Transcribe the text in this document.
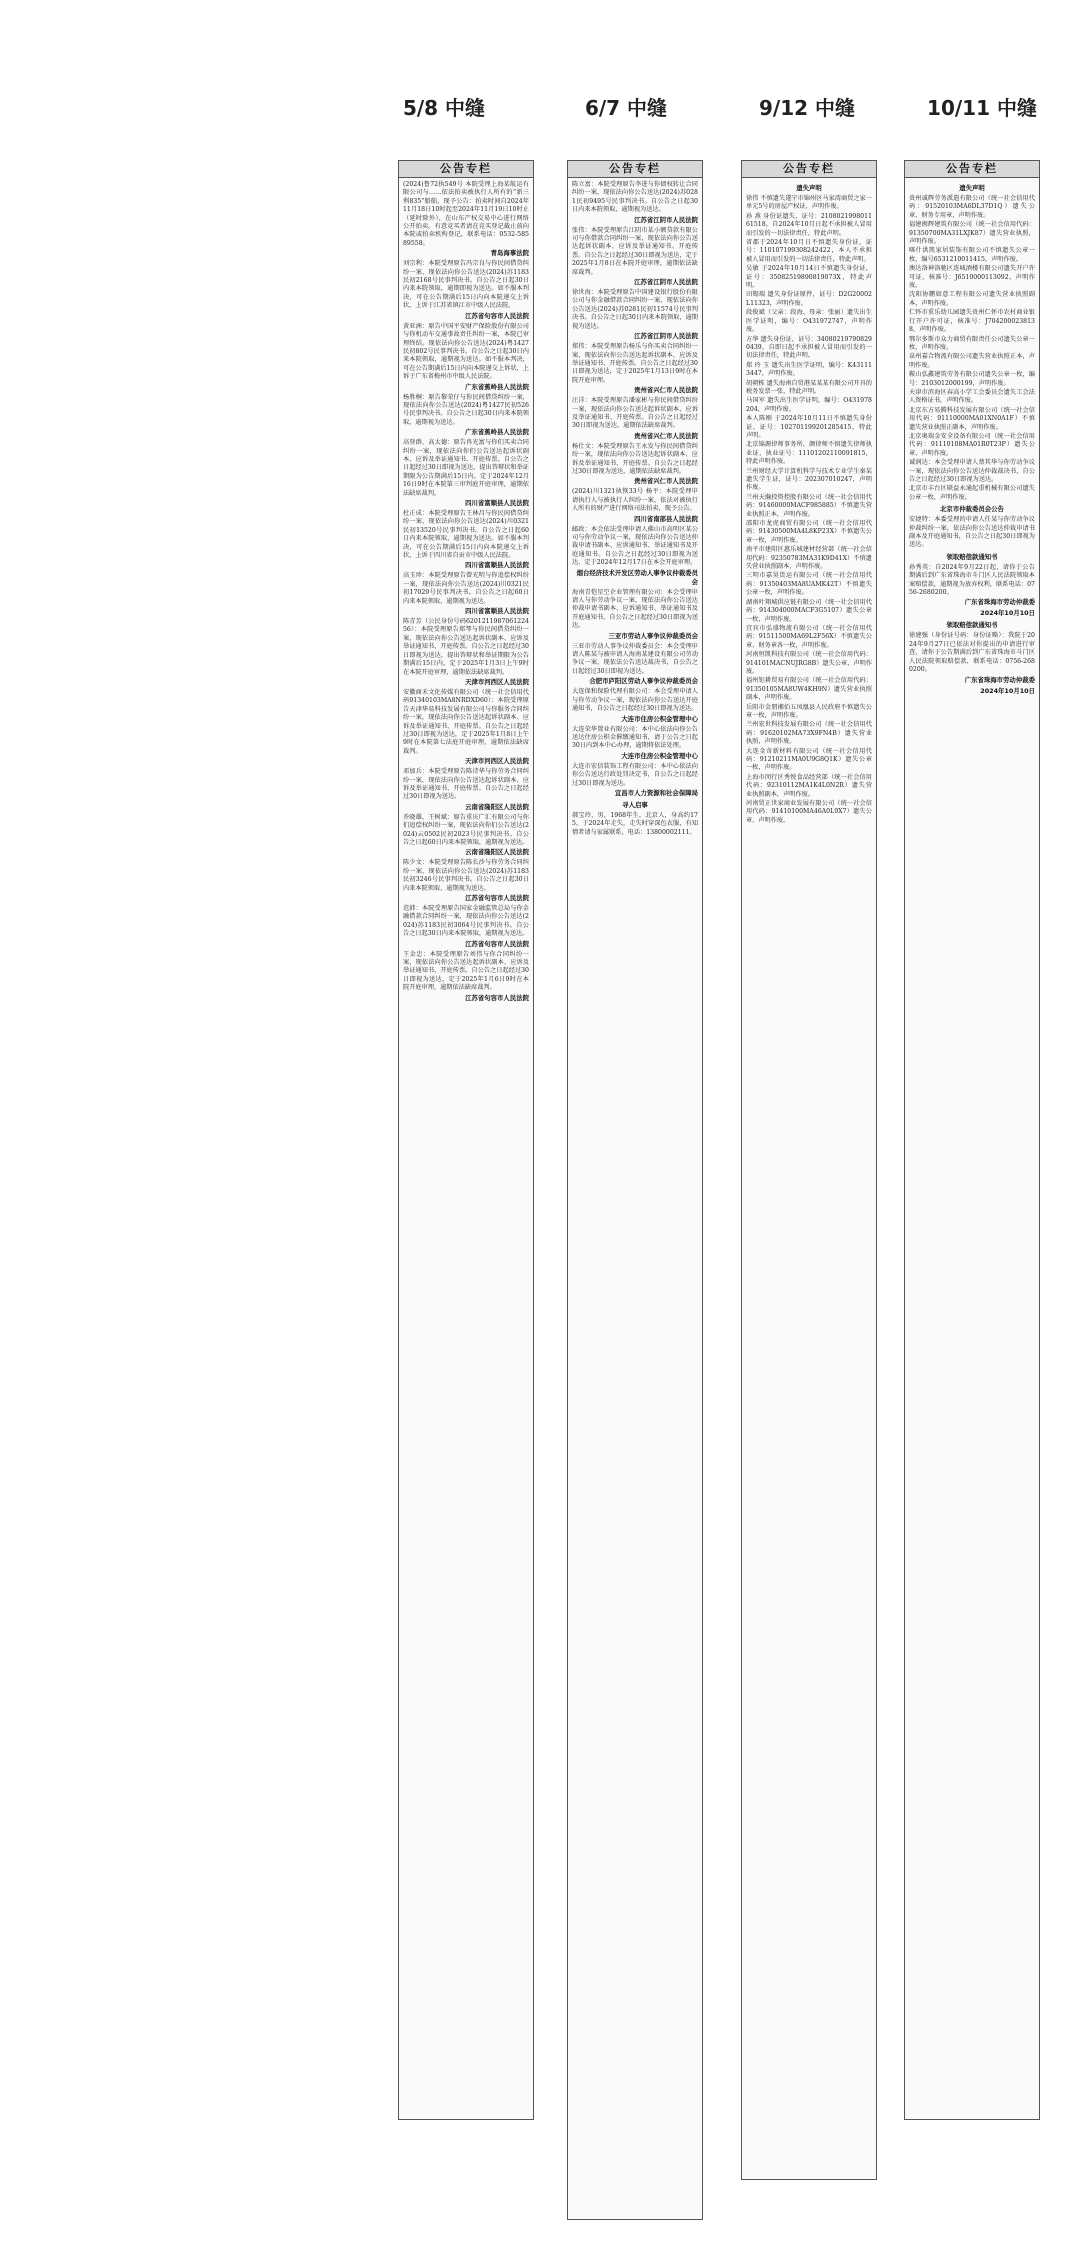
5/8 中缝	6/7 中缝	9/12 中缝	10/11 中缝
公告专栏
(2024)鲁72执549号 本院受理上海某航运有限公司与……依法拍卖被执行人所有的“新三利835”船舶，现予公告：拍卖时间自2024年11月18日10时起至2024年11月19日10时止（延时除外），在山东产权交易中心进行网络公开拍卖。有意竞买者请在竞买登记截止前向本院或拍卖机构登记，联系电话：0532-58589558。
青岛海事法院
刘宗利：本院受理原告冯宗良与你民间借贷纠纷一案，现依法向你公告送达(2024)苏1183民初2168号民事判决书。自公告之日起30日内来本院领取，逾期即视为送达。如不服本判决，可在公告期满后15日内向本院递交上诉状，上诉于江苏省镇江市中级人民法院。
江苏省句容市人民法院
黄亚洲：原告中国平安财产保险股份有限公司与你机动车交通事故责任纠纷一案，本院已审理终结。现依法向你公告送达(2024)粤1427民初802号民事判决书。自公告之日起30日内来本院领取，逾期视为送达。如不服本判决，可在公告期满后15日内向本院递交上诉状，上诉于广东省梅州市中级人民法院。
广东省蕉岭县人民法院
杨胜桐：原告黎荣仔与你民间借贷纠纷一案，现依法向你公告送达(2024)粤1427民初526号民事判决书。自公告之日起30日内来本院领取，逾期视为送达。
广东省蕉岭县人民法院
高登群、高太德：原告冉光富与你们买卖合同纠纷一案，现依法向你们公告送达起诉状副本、应诉及举证通知书、开庭传票。自公告之日起经过30日即视为送达，提出答辩状和举证期限为公告期满后15日内，定于2024年12月16日9时在本院第三审判庭开庭审理，逾期依法缺席裁判。
四川省富顺县人民法院
杜正成：本院受理原告王林昌与你民间借贷纠纷一案，现依法向你公告送达(2024)川0321民初13520号民事判决书。自公告之日起60日内来本院领取，逾期视为送达。如不服本判决，可在公告期满后15日内向本院递交上诉状，上诉于四川省自贡市中级人民法院。
四川省富顺县人民法院
高玉珍：本院受理原告曾光明与你追偿权纠纷一案，现依法向你公告送达(2024)川0321民初17029号民事判决书。自公告之日起60日内来本院领取，逾期视为送达。
四川省富顺县人民法院
陈青芳（公民身份号码620121198706122456）：本院受理原告郑琴与你民间借贷纠纷一案，现依法向你公告送达起诉状副本、应诉及举证通知书、开庭传票。自公告之日起经过30日即视为送达，提出答辩状和举证期限为公告期满后15日内，定于2025年1月3日上午9时在本院开庭审理，逾期依法缺席裁判。
天津市河西区人民法院
安徽商禾文化传媒有限公司（统一社会信用代码91340103MA8NRDXD60）：本院受理原告天津华易科技发展有限公司与你服务合同纠纷一案，现依法向你公告送达起诉状副本、应诉及举证通知书、开庭传票。自公告之日起经过30日即视为送达，定于2025年1月8日上午9时在本院第七法庭开庭审理，逾期依法缺席裁判。
天津市河西区人民法院
邓加兵：本院受理原告陈诗华与你劳务合同纠纷一案，现依法向你公告送达起诉状副本、应诉及举证通知书、开庭传票。自公告之日起经过30日即视为送达。
云南省隆阳区人民法院
乔晓雄、王树斌：原告重庆广汇有限公司与你们追偿权纠纷一案，现依法向你们公告送达(2024)云0502民初2023号民事判决书。自公告之日起60日内来本院领取，逾期视为送达。
云南省隆阳区人民法院
陈少文：本院受理原告陈长沙与你劳务合同纠纷一案，现依法向你公告送达(2024)苏1183民初3246号民事判决书。自公告之日起30日内来本院领取，逾期视为送达。
江苏省句容市人民法院
范韩：本院受理原告国家金融监管总局与你金融借款合同纠纷一案，现依法向你公告送达(2024)苏1183民初3064号民事判决书。自公告之日起30日内来本院领取，逾期视为送达。
江苏省句容市人民法院
王金忠：本院受理原告刘伟与你合同纠纷一案，现依法向你公告送达起诉状副本、应诉及举证通知书、开庭传票。自公告之日起经过30日即视为送达，定于2025年1月6日9时在本院开庭审理，逾期依法缺席裁判。
江苏省句容市人民法院
公告专栏
陈立富：本院受理原告李进与你债权转让合同纠纷一案，现依法向你公告送达(2024)苏0281民初9495号民事判决书。自公告之日起30日内来本院领取，逾期视为送达。
江苏省江阴市人民法院
张伟：本院受理原告江阴市某小额贷款有限公司与你借款合同纠纷一案，现依法向你公告送达起诉状副本、应诉及举证通知书、开庭传票。自公告之日起经过30日即视为送达，定于2025年1月8日在本院开庭审理，逾期依法缺席裁判。
江苏省江阴市人民法院
徐世海：本院受理原告中国建设银行股份有限公司与你金融借款合同纠纷一案，现依法向你公告送达(2024)苏0281民初11574号民事判决书。自公告之日起30日内来本院领取，逾期视为送达。
江苏省江阴市人民法院
郑伟：本院受理原告杨乐与你买卖合同纠纷一案，现依法向你公告送达起诉状副本、应诉及举证通知书、开庭传票。自公告之日起经过30日即视为送达，定于2025年1月13日9时在本院开庭审理。
贵州省兴仁市人民法院
汪洋：本院受理原告潘家彬与你民间借贷纠纷一案，现依法向你公告送达起诉状副本、应诉及举证通知书、开庭传票。自公告之日起经过30日即视为送达，逾期依法缺席裁判。
贵州省兴仁市人民法院
杨仕文：本院受理原告王永发与你民间借贷纠纷一案，现依法向你公告送达起诉状副本、应诉及举证通知书、开庭传票。自公告之日起经过30日即视为送达，逾期依法缺席裁判。
贵州省兴仁市人民法院
(2024)川1321执恢33号 杨平：本院受理申请执行人与被执行人纠纷一案，依法对被执行人所有的财产进行网络司法拍卖，现予公告。
四川省南部县人民法院
邮政：本会依法受理申请人佛山市高明区某公司与你劳动争议一案，现依法向你公告送达仲裁申请书副本、应诉通知书、举证通知书及开庭通知书。自公告之日起经过30日即视为送达，定于2024年12月17日在本会开庭审理。
烟台经济技术开发区劳动人事争议仲裁委员会
海南青恺星空企业管理有限公司：本会受理申请人与你劳动争议一案，现依法向你公告送达仲裁申请书副本、应诉通知书、举证通知书及开庭通知书，自公告之日起经过30日即视为送达。
三亚市劳动人事争议仲裁委员会
三亚市劳动人事争议仲裁委员会：本会受理申请人陈某与被申请人海南某建设有限公司劳动争议一案，现依法公告送达裁决书，自公告之日起经过30日即视为送达。
合肥市庐阳区劳动人事争议仲裁委员会
大连保和保险代理有限公司：本会受理申请人与你劳动争议一案，现依法向你公告送达开庭通知书，自公告之日起经过30日即视为送达。
大连市住房公积金管理中心
大连荣华置业有限公司：本中心依法向你公告送达住房公积金催缴通知书，请于公告之日起30日内到本中心办理，逾期将依法处理。
大连市住房公积金管理中心
大连市宏信装饰工程有限公司：本中心依法向你公告送达行政处罚决定书，自公告之日起经过30日即视为送达。
宜昌市人力资源和社会保障局
寻人启事
郝宝玲，男，1968年生，北京人，身高约175，于2024年走失，走失时穿深色衣服，有知情者请与家属联系，电话：13800002111。
公告专栏
遗失声明
徐伟 不慎遗失遂宁市锦州区马家湾商贸之家一单元5号的房屋产权证，声明作废。
孙 燕 身份证遗失，证号：210802199801161518，自2024年10月日起不承担被人冒用而引发的一切法律责任，特此声明。
省郡于2024年10月日不慎遗失身份证，证号：110107199308242422，本人不承担被人冒用而引发的一切法律责任，特此声明。
吴敏 于2024年10月14日不慎遗失身份证，证号：35082519890819073X，特此声明。
田锡瑞 遗失身份证原件，证号：D2G20002L11323，声明作废。
段俊斌（父亲：段海、母亲：张丽）遗失出生医学证明，编号：O431972747，声明作废。
方华 遗失身份证，证号：340802197908290439，自即日起不承担被人冒用而引发的一切法律责任，特此声明。
郑 玲 玉 遗失出生医学证明，编号：K431113447，声明作废。
胡朝栋 遗失海南自贸港某某某有限公司开具的税务发票一张，特此声明。
马国军 遗失出生医学证明，编号：O431978204，声明作废。
本人陈刚 于2024年10月11日不慎遗失身份证，证号：102701199201285415，特此声明。
北京锦源律师事务所、颜律师不慎遗失律师执业证，执业证号：11101202110091815，特此声明作废。
兰州财经大学计算机科学与技术专业学生秦某遗失学生证，证号：202307010247，声明作废。
兰州天瀚投资控股有限公司（统一社会信用代码：91460000MACF985885）不慎遗失营业执照正本，声明作废。
邵阳市龙虎商贸有限公司（统一社会信用代码：91430500MA4L8KP23X）不慎遗失公章一枚，声明作废。
南平市建阳区惠乐城建材经营部（统一社会信用代码：92350783MA31K9D41X）不慎遗失营业执照副本，声明作废。
三明市嘉昊货运有限公司（统一社会信用代码：91350403MA8UAMK42T）不慎遗失公章一枚，声明作废。
湖南叶翔城供应链有限公司（统一社会信用代码：914304000MACF3G5107）遗失公章一枚，声明作废。
宜宾市弘盛物流有限公司（统一社会信用代码：91511500MA69L2F56X）不慎遗失公章、财务章各一枚，声明作废。
河南恒凯科技有限公司（统一社会信用代码：914101MACNUJRG8B）遗失公章，声明作废。
福州钜耕贸易有限公司（统一社会信用代码：91350105MA8UW4KH9N）遗失营业执照副本，声明作废。
岳阳市金朋湘佰五凤凰县人民政府不慎遗失公章一枚，声明作废。
兰州宏世科技发展有限公司（统一社会信用代码：91620102MA73X9FN4B）遗失营业执照，声明作废。
大连金奇新材料有限公司（统一社会信用代码：91210211MA0U9G8Q1K）遗失公章一枚，声明作废。
上海市闵行区秀悦食品经营部（统一社会信用代码：92310112MA1K4L0N2R）遗失营业执照副本，声明作废。
河南贸正世家商业发展有限公司（统一社会信用代码：91410100MA46A0L9X7）遗失公章，声明作废。
公告专栏
遗失声明
贵州诚辉劳务派遣有限公司（统一社会信用代码：91520103MA6DL37D1Q）遗失公章、财务专用章，声明作废。
福建闽辉建筑有限公司（统一社会信用代码：91350700MA31LXJK87）遗失营业执照，声明作废。
喀什洪凯家居装饰有限公司不慎遗失公章一枚，编号6531210011415，声明作废。
澳达洛神洛驰区连城酒楼有限公司遗失开户许可证，核准号：J6510000113092，声明作废。
沈阳协鹏如意工程有限公司遗失营业执照副本，声明作废。
仁怀市重乐幼儿园遗失贵州仁怀市农村商业银行开户许可证，核准号：J7042000238138，声明作废。
鄂尔多斯市众力商贸有限责任公司遗失公章一枚，声明作废。
泉州嘉合物流有限公司遗失营业执照正本，声明作废。
鞍山弘鑫建筑劳务有限公司遗失公章一枚，编号：2103012000199，声明作废。
天津市滨海区春高小学工会委员会遗失工会法人资格证书，声明作废。
北京东方易腾科技发展有限公司（统一社会信用代码：91110000MA01XN0A1F）不慎遗失营业执照正副本，声明作废。
北京奥瑞金安全设备有限公司（统一社会信用代码：91110108MA01R0T23P）遗失公章，声明作废。
诚润达：本会受理申请人蔡其华与你劳动争议一案，现依法向你公告送达仲裁裁决书，自公告之日起经过30日即视为送达。
北京市丰台区联益永通起重机械有限公司遗失公章一枚，声明作废。
北京市仲裁委员会公告
安捷特：本委受理的申请人任某与你劳动争议仲裁纠纷一案，依法向你公告送达仲裁申请书副本及开庭通知书，自公告之日起30日即视为送达。
领取赔偿款通知书
孙秀英：自2024年9月22日起，请你于公告期满后到广东省珠海市斗门区人民法院领取本案赔偿款，逾期视为放弃权利，联系电话：0756-2680200。
广东省珠海市劳动仲裁委
2024年10月10日
领取赔偿款通知书
徐建强（身份证号码：身份证略）：我院于2024年9月27日已依法对你提出的申请进行审查，请你于公告期满后到广东省珠海市斗门区人民法院领取赔偿款，联系电话：0756-2680200。
广东省珠海市劳动仲裁委
2024年10月10日
